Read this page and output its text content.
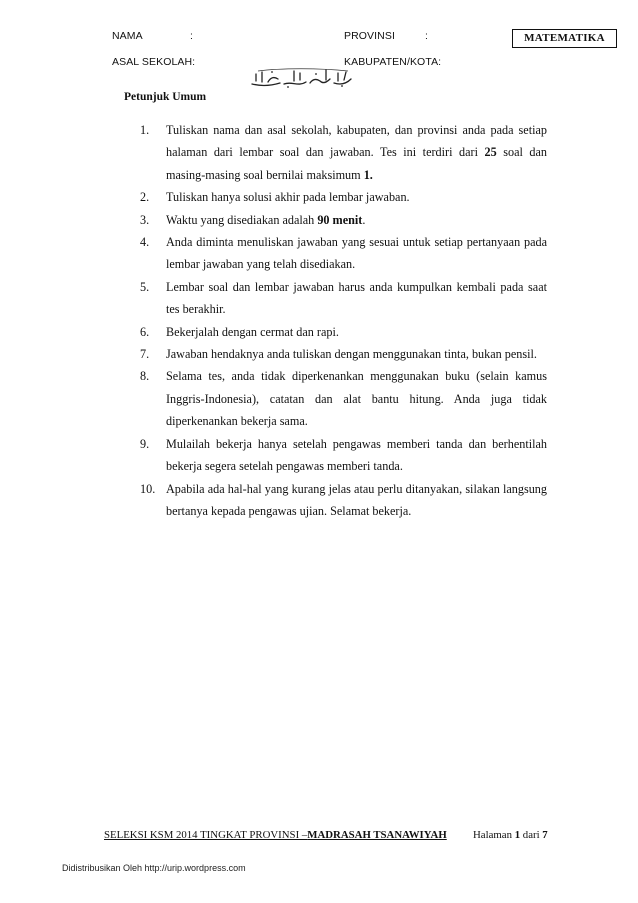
NAMA	:	PROVINSI	:	MATEMATIKA
ASAL SEKOLAH:	KABUPATEN/KOTA:
Petunjuk Umum
1.	Tuliskan nama dan asal sekolah, kabupaten, dan provinsi anda pada setiap halaman dari lembar soal dan jawaban. Tes ini terdiri dari 25 soal dan masing-masing soal bernilai maksimum 1.
2.	Tuliskan hanya solusi akhir pada lembar jawaban.
3.	Waktu yang disediakan adalah 90 menit.
4.	Anda diminta menuliskan jawaban yang sesuai untuk setiap pertanyaan pada lembar jawaban yang telah disediakan.
5.	Lembar soal dan lembar jawaban harus anda kumpulkan kembali pada saat tes berakhir.
6.	Bekerjalah dengan cermat dan rapi.
7.	Jawaban hendaknya anda tuliskan dengan menggunakan tinta, bukan pensil.
8.	Selama tes, anda tidak diperkenankan menggunakan buku (selain kamus Inggris-Indonesia), catatan dan alat bantu hitung. Anda juga tidak diperkenankan bekerja sama.
9.	Mulailah bekerja hanya setelah pengawas memberi tanda dan berhentilah bekerja segera setelah pengawas memberi tanda.
10. Apabila ada hal-hal yang kurang jelas atau perlu ditanyakan, silakan langsung bertanya kepada pengawas ujian. Selamat bekerja.
SELEKSI KSM 2014 TINGKAT PROVINSI –MADRASAH TSANAWIYAH Halaman 1 dari 7
Didistribusikan Oleh http://urip.wordpress.com
